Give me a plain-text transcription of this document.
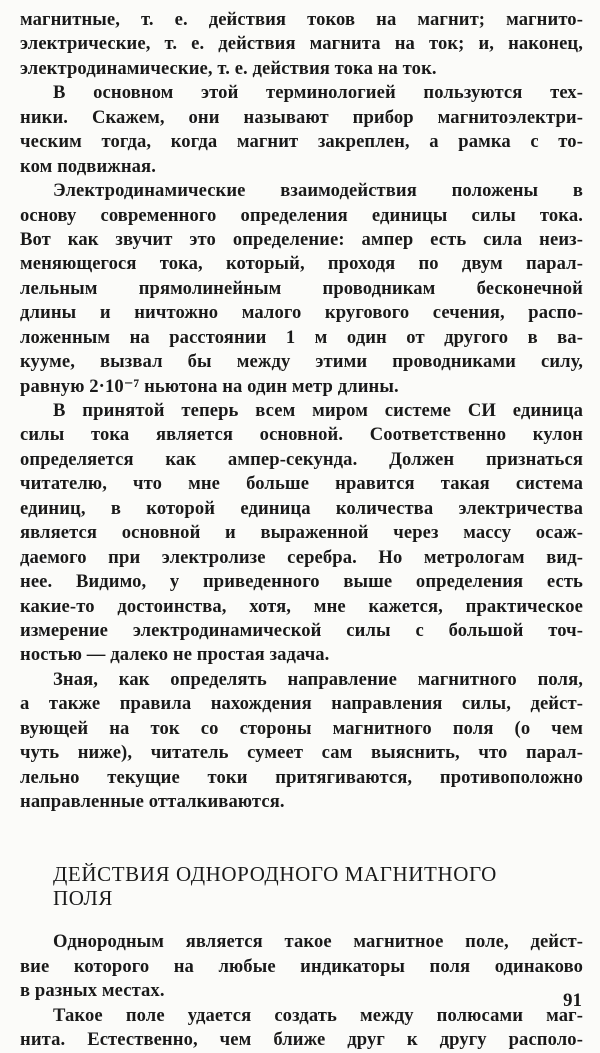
магнитные, т. е. действия токов на магнит; магнито-
электрические, т. е. действия магнита на ток; и, наконец,
электродинамические, т. е. действия тока на ток.
В основном этой терминологией пользуются тех-
ники. Скажем, они называют прибор магнитоэлектри-
ческим тогда, когда магнит закреплен, а рамка с то-
ком подвижная.
Электродинамические взаимодействия положены в
основу современного определения единицы силы тока.
Вот как звучит это определение: ампер есть сила неиз-
меняющегося тока, который, проходя по двум парал-
лельным прямолинейным проводникам бесконечной
длины и ничтожно малого кругового сечения, распо-
ложенным на расстоянии 1 м один от другого в ва-
кууме, вызвал бы между этими проводниками силу,
равную 2·10⁻⁷ ньютона на один метр длины.
В принятой теперь всем миром системе СИ единица
силы тока является основной. Соответственно кулон
определяется как ампер-секунда. Должен признаться
читателю, что мне больше нравится такая система
единиц, в которой единица количества электричества
является основной и выраженной через массу осаж-
даемого при электролизе серебра. Но метрологам вид-
нее. Видимо, у приведенного выше определения есть
какие-то достоинства, хотя, мне кажется, практическое
измерение электродинамической силы с большой точ-
ностью — далеко не простая задача.
Зная, как определять направление магнитного поля,
а также правила нахождения направления силы, дейст-
вующей на ток со стороны магнитного поля (о чем
чуть ниже), читатель сумеет сам выяснить, что парал-
лельно текущие токи притягиваются, противоположно
направленные отталкиваются.
ДЕЙСТВИЯ ОДНОРОДНОГО МАГНИТНОГО
ПОЛЯ
Однородным является такое магнитное поле, дейст-
вие которого на любые индикаторы поля одинаково
в разных местах.
Такое поле удается создать между полюсами маг-
нита. Естественно, чем ближе друг к другу располо-
91
